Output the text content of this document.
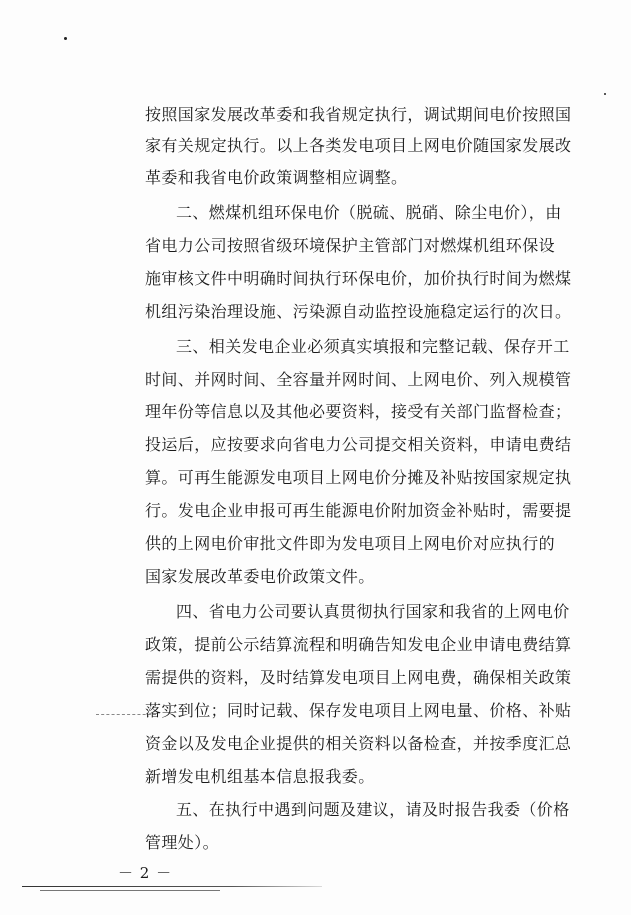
按照国家发展改革委和我省规定执行，调试期间电价按照国
家有关规定执行。以上各类发电项目上网电价随国家发展改
革委和我省电价政策调整相应调整。
二、燃煤机组环保电价（脱硫、脱硝、除尘电价），由
省电力公司按照省级环境保护主管部门对燃煤机组环保设
施审核文件中明确时间执行环保电价，加价执行时间为燃煤
机组污染治理设施、污染源自动监控设施稳定运行的次日。
三、相关发电企业必须真实填报和完整记载、保存开工
时间、并网时间、全容量并网时间、上网电价、列入规模管
理年份等信息以及其他必要资料，接受有关部门监督检查；
投运后，应按要求向省电力公司提交相关资料，申请电费结
算。可再生能源发电项目上网电价分摊及补贴按国家规定执
行。发电企业申报可再生能源电价附加资金补贴时，需要提
供的上网电价审批文件即为发电项目上网电价对应执行的
国家发展改革委电价政策文件。
四、省电力公司要认真贯彻执行国家和我省的上网电价
政策，提前公示结算流程和明确告知发电企业申请电费结算
需提供的资料，及时结算发电项目上网电费，确保相关政策
落实到位；同时记载、保存发电项目上网电量、价格、补贴
资金以及发电企业提供的相关资料以备检查，并按季度汇总
新增发电机组基本信息报我委。
五、在执行中遇到问题及建议，请及时报告我委（价格
管理处）。
－ 2 －
